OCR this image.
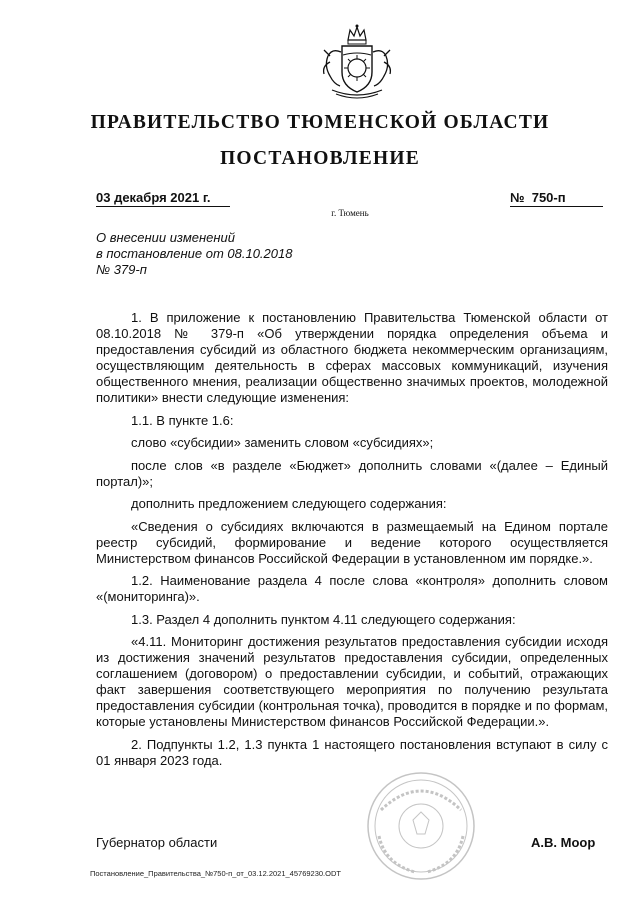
ПРАВИТЕЛЬСТВО ТЮМЕНСКОЙ ОБЛАСТИ
ПОСТАНОВЛЕНИЕ
03 декабря 2021 г.	№  750-п
г. Тюмень
О внесении изменений
в постановление от 08.10.2018
№ 379-п

1. В приложение к постановлению Правительства Тюменской области от 08.10.2018 № 379-п «Об утверждении порядка определения объема и предоставления субсидий из областного бюджета некоммерческим организациям, осуществляющим деятельность в сферах массовых коммуникаций, изучения общественного мнения, реализации общественно значимых проектов, молодежной политики» внести следующие изменения:

1.1. В пункте 1.6:

слово «субсидии» заменить словом «субсидиях»;

после слов «в разделе «Бюджет» дополнить словами «(далее – Единый портал)»;

дополнить предложением следующего содержания:

«Сведения о субсидиях включаются в размещаемый на Едином портале реестр субсидий, формирование и ведение которого осуществляется Министерством финансов Российской Федерации в установленном им порядке.».

1.2. Наименование раздела 4 после слова «контроля» дополнить словом «(мониторинга)».

1.3. Раздел 4 дополнить пунктом 4.11 следующего содержания:

«4.11. Мониторинг достижения результатов предоставления субсидии исходя из достижения значений результатов предоставления субсидии, определенных соглашением (договором) о предоставлении субсидии, и событий, отражающих факт завершения соответствующего мероприятия по получению результата предоставления субсидии (контрольная точка), проводится в порядке и по формам, которые установлены Министерством финансов Российской Федерации.».

2. Подпункты 1.2, 1.3 пункта 1 настоящего постановления вступают в силу с 01 января 2023 года.

Губернатор области	А.В. Моор
Постановление_Правительства_№750-п_от_03.12.2021_45769230.ODT
